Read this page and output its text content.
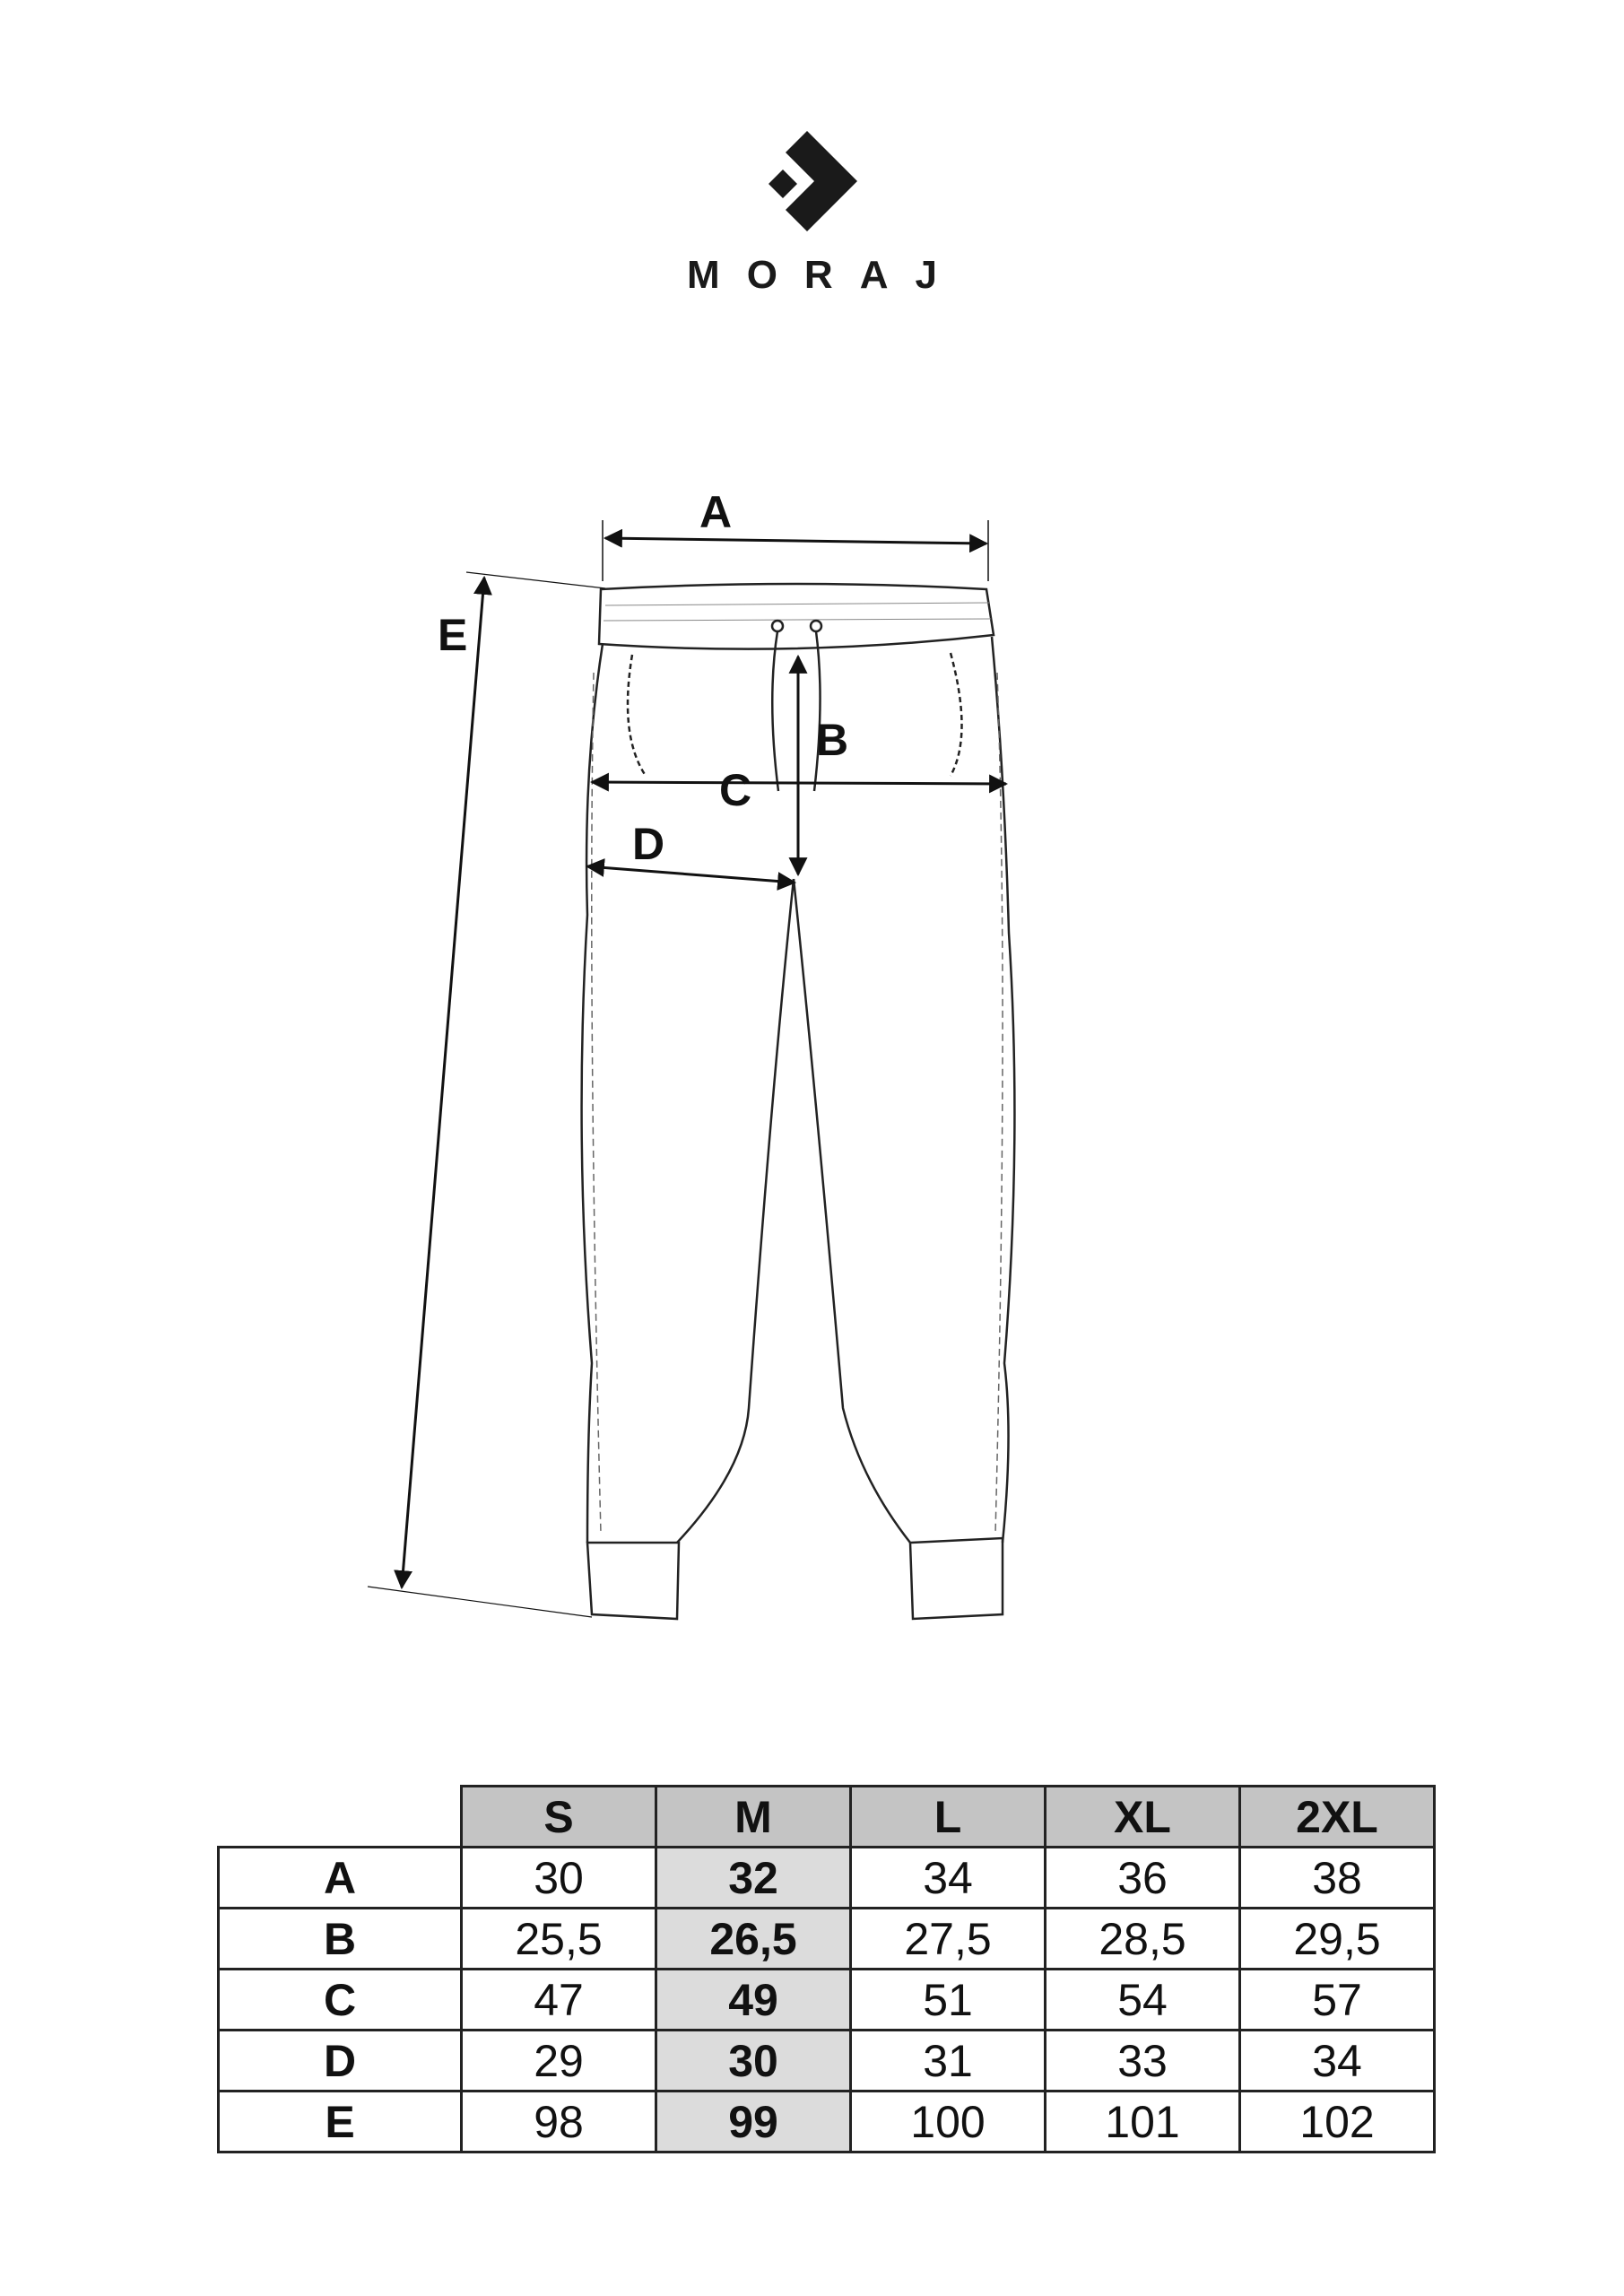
MORAJ
A
B
C
D
E
	S	M	L	XL	2XL
A	30	32	34	36	38
B	25,5	26,5	27,5	28,5	29,5
C	47	49	51	54	57
D	29	30	31	33	34
E	98	99	100	101	102
